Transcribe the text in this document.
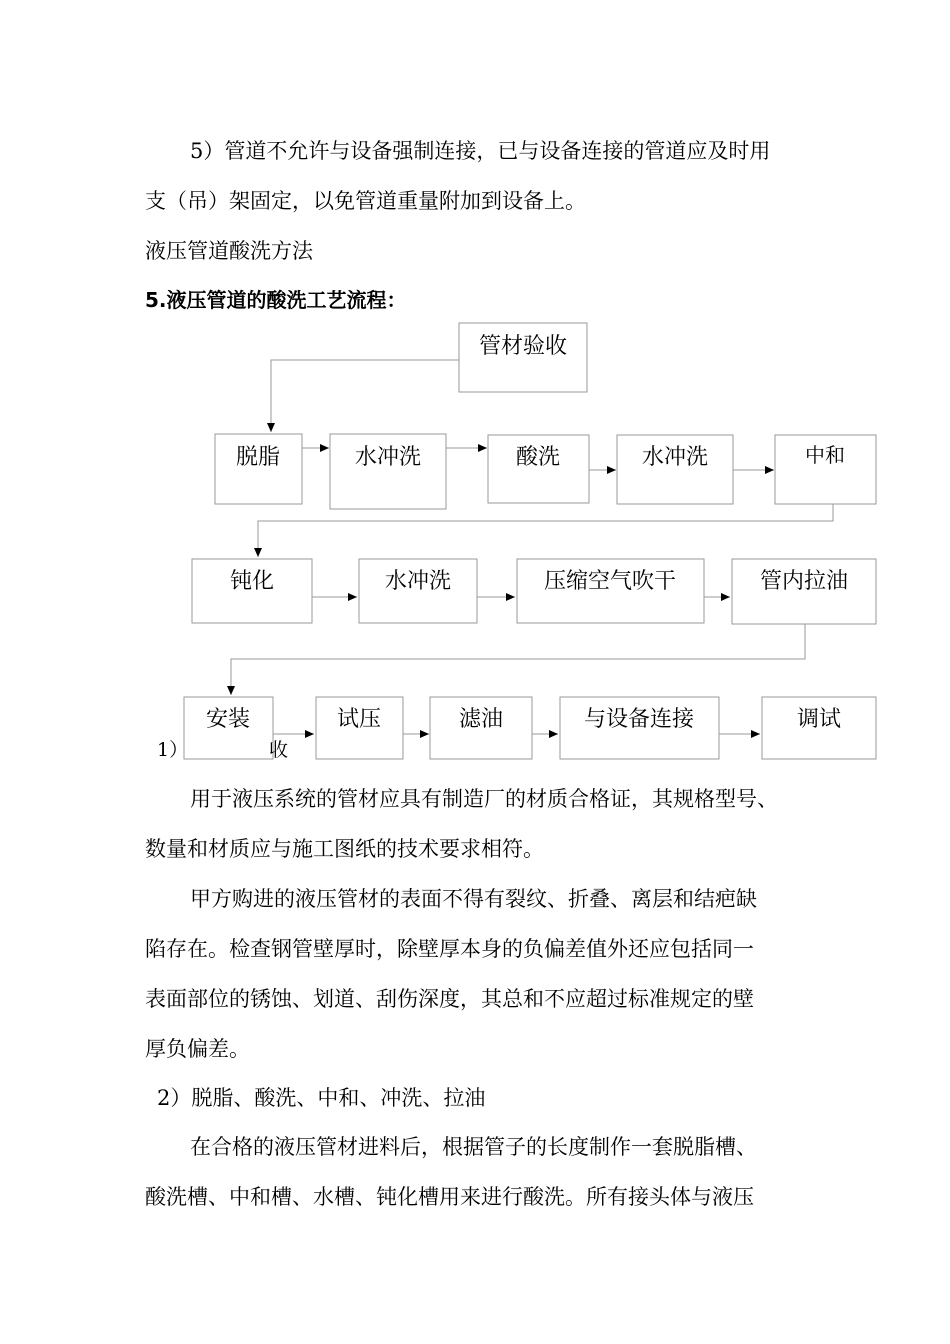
5）管道不允许与设备强制连接，已与设备连接的管道应及时用
支（吊）架固定，以免管道重量附加到设备上。
液压管道酸洗方法
5.液压管道的酸洗工艺流程：
管材验收
脱脂	水冲洗	酸洗	水冲洗	中和
钝化	水冲洗	压缩空气吹干	管内拉油
安装	试压	滤油	与设备连接	调试
1）	收
用于液压系统的管材应具有制造厂的材质合格证，其规格型号、
数量和材质应与施工图纸的技术要求相符。
甲方购进的液压管材的表面不得有裂纹、折叠、离层和结疤缺
陷存在。检查钢管壁厚时，除壁厚本身的负偏差值外还应包括同一
表面部位的锈蚀、划道、刮伤深度，其总和不应超过标准规定的壁
厚负偏差。
2）脱脂、酸洗、中和、冲洗、拉油
在合格的液压管材进料后，根据管子的长度制作一套脱脂槽、
酸洗槽、中和槽、水槽、钝化槽用来进行酸洗。所有接头体与液压
